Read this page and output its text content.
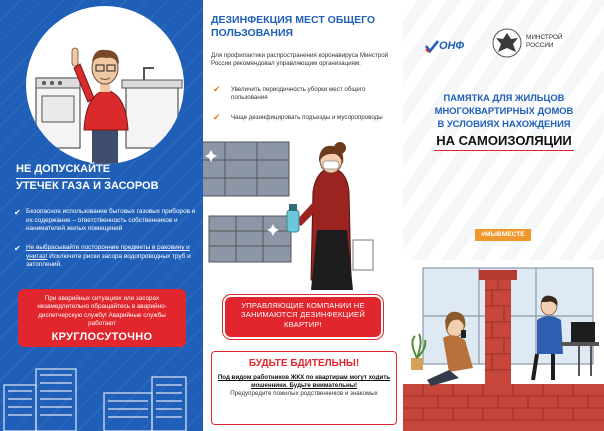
НЕ ДОПУСКАЙТЕ
УТЕЧЕК ГАЗА И ЗАСОРОВ
✔ Безопасное использование бытовых газовых приборов и их содержание – ответственность собственников и нанимателей жилых помещений
✔ Не выбрасывайте посторонние предметы в раковину и унитаз! Исключите риски засора водопроводных труб и затоплений.
При аварийных ситуациях или засорах незамедлительно обращайтесь в аварийно-диспетчерскую службу! Аварийные службы работают
КРУГЛОСУТОЧНО
ДЕЗИНФЕКЦИЯ МЕСТ ОБЩЕГО ПОЛЬЗОВАНИЯ
Для профилактики распространения коронавируса Минстрой России рекомендовал управляющим организациям:
✔	Увеличить периодичность уборки мест общего пользования
✔	Чаще дезинфицировать подъезды и мусоропроводы
УПРАВЛЯЮЩИЕ КОМПАНИИ НЕ ЗАНИМАЮТСЯ ДЕЗИНФЕКЦИЕЙ КВАРТИР!
БУДЬТЕ БДИТЕЛЬНЫ!
Под видом работников ЖКХ по квартирам могут ходить мошенники. Будьте внимательны!
Предупредите пожилых родственников и знакомых
ОНФ
МИНСТРОЙ РОССИИ
ПАМЯТКА ДЛЯ ЖИЛЬЦОВ
МНОГОКВАРТИРНЫХ ДОМОВ
В УСЛОВИЯХ НАХОЖДЕНИЯ
НА САМОИЗОЛЯЦИИ
#МЫВМЕСТЕ
